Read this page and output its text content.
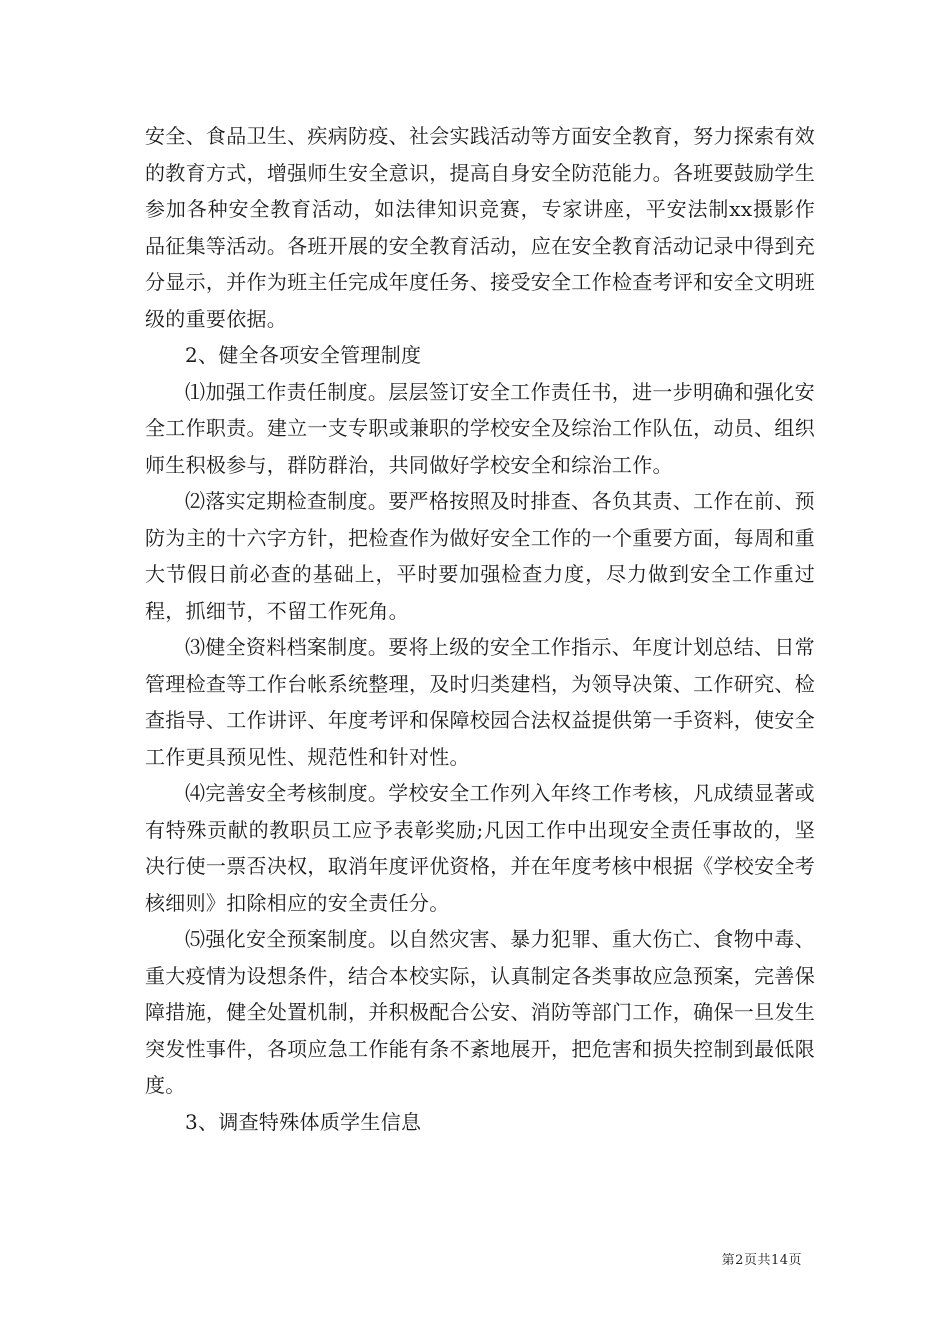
安全、食品卫生、疾病防疫、社会实践活动等方面安全教育，努力探索有效的教育方式，增强师生安全意识，提高自身安全防范能力。各班要鼓励学生参加各种安全教育活动，如法律知识竞赛，专家讲座，平安法制xx摄影作品征集等活动。各班开展的安全教育活动，应在安全教育活动记录中得到充分显示，并作为班主任完成年度任务、接受安全工作检查考评和安全文明班级的重要依据。

2、健全各项安全管理制度

⑴加强工作责任制度。层层签订安全工作责任书，进一步明确和强化安全工作职责。建立一支专职或兼职的学校安全及综治工作队伍，动员、组织师生积极参与，群防群治，共同做好学校安全和综治工作。

⑵落实定期检查制度。要严格按照及时排查、各负其责、工作在前、预防为主的十六字方针，把检查作为做好安全工作的一个重要方面，每周和重大节假日前必查的基础上，平时要加强检查力度，尽力做到安全工作重过程，抓细节，不留工作死角。

⑶健全资料档案制度。要将上级的安全工作指示、年度计划总结、日常管理检查等工作台帐系统整理，及时归类建档，为领导决策、工作研究、检查指导、工作讲评、年度考评和保障校园合法权益提供第一手资料，使安全工作更具预见性、规范性和针对性。

⑷完善安全考核制度。学校安全工作列入年终工作考核，凡成绩显著或有特殊贡献的教职员工应予表彰奖励;凡因工作中出现安全责任事故的，坚决行使一票否决权，取消年度评优资格，并在年度考核中根据《学校安全考核细则》扣除相应的安全责任分。

⑸强化安全预案制度。以自然灾害、暴力犯罪、重大伤亡、食物中毒、重大疫情为设想条件，结合本校实际，认真制定各类事故应急预案，完善保障措施，健全处置机制，并积极配合公安、消防等部门工作，确保一旦发生突发性事件，各项应急工作能有条不紊地展开，把危害和损失控制到最低限度。

3、调查特殊体质学生信息

第2页共14页
